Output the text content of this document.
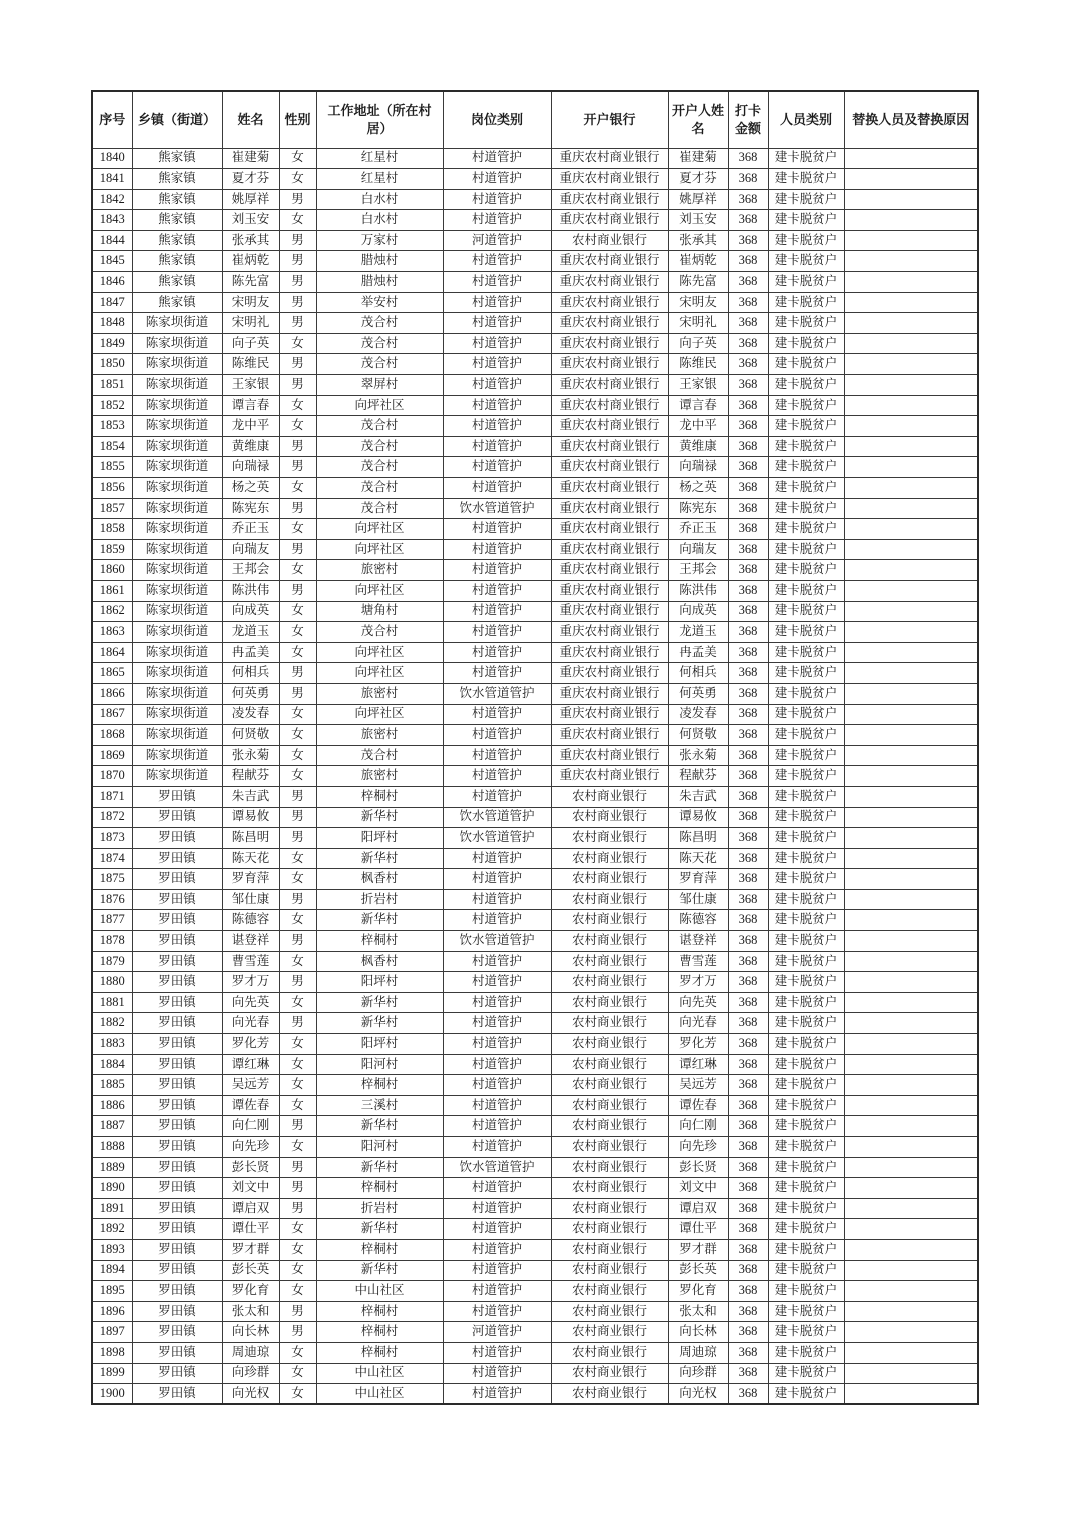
序号	乡镇（街道）	姓名	性别	工作地址（所在村居）	岗位类别	开户银行	开户人姓名	打卡金额	人员类别	替换人员及替换原因
1840	熊家镇	崔建菊	女	红星村	村道管护	重庆农村商业银行	崔建菊	368	建卡脱贫户	
1841	熊家镇	夏才芬	女	红星村	村道管护	重庆农村商业银行	夏才芬	368	建卡脱贫户	
1842	熊家镇	姚厚祥	男	白水村	村道管护	重庆农村商业银行	姚厚祥	368	建卡脱贫户	
1843	熊家镇	刘玉安	女	白水村	村道管护	重庆农村商业银行	刘玉安	368	建卡脱贫户	
1844	熊家镇	张承其	男	万家村	河道管护	农村商业银行	张承其	368	建卡脱贫户	
1845	熊家镇	崔炳乾	男	腊烛村	村道管护	重庆农村商业银行	崔炳乾	368	建卡脱贫户	
1846	熊家镇	陈先富	男	腊烛村	村道管护	重庆农村商业银行	陈先富	368	建卡脱贫户	
1847	熊家镇	宋明友	男	举安村	村道管护	重庆农村商业银行	宋明友	368	建卡脱贫户	
1848	陈家坝街道	宋明礼	男	茂合村	村道管护	重庆农村商业银行	宋明礼	368	建卡脱贫户	
1849	陈家坝街道	向子英	女	茂合村	村道管护	重庆农村商业银行	向子英	368	建卡脱贫户	
1850	陈家坝街道	陈维民	男	茂合村	村道管护	重庆农村商业银行	陈维民	368	建卡脱贫户	
1851	陈家坝街道	王家银	男	翠屏村	村道管护	重庆农村商业银行	王家银	368	建卡脱贫户	
1852	陈家坝街道	谭言春	女	向坪社区	村道管护	重庆农村商业银行	谭言春	368	建卡脱贫户	
1853	陈家坝街道	龙中平	女	茂合村	村道管护	重庆农村商业银行	龙中平	368	建卡脱贫户	
1854	陈家坝街道	黄维康	男	茂合村	村道管护	重庆农村商业银行	黄维康	368	建卡脱贫户	
1855	陈家坝街道	向瑞禄	男	茂合村	村道管护	重庆农村商业银行	向瑞禄	368	建卡脱贫户	
1856	陈家坝街道	杨之英	女	茂合村	村道管护	重庆农村商业银行	杨之英	368	建卡脱贫户	
1857	陈家坝街道	陈宪东	男	茂合村	饮水管道管护	重庆农村商业银行	陈宪东	368	建卡脱贫户	
1858	陈家坝街道	乔正玉	女	向坪社区	村道管护	重庆农村商业银行	乔正玉	368	建卡脱贫户	
1859	陈家坝街道	向瑞友	男	向坪社区	村道管护	重庆农村商业银行	向瑞友	368	建卡脱贫户	
1860	陈家坝街道	王邦会	女	旅密村	村道管护	重庆农村商业银行	王邦会	368	建卡脱贫户	
1861	陈家坝街道	陈洪伟	男	向坪社区	村道管护	重庆农村商业银行	陈洪伟	368	建卡脱贫户	
1862	陈家坝街道	向成英	女	塘角村	村道管护	重庆农村商业银行	向成英	368	建卡脱贫户	
1863	陈家坝街道	龙道玉	女	茂合村	村道管护	重庆农村商业银行	龙道玉	368	建卡脱贫户	
1864	陈家坝街道	冉孟美	女	向坪社区	村道管护	重庆农村商业银行	冉孟美	368	建卡脱贫户	
1865	陈家坝街道	何相兵	男	向坪社区	村道管护	重庆农村商业银行	何相兵	368	建卡脱贫户	
1866	陈家坝街道	何英勇	男	旅密村	饮水管道管护	重庆农村商业银行	何英勇	368	建卡脱贫户	
1867	陈家坝街道	凌发春	女	向坪社区	村道管护	重庆农村商业银行	凌发春	368	建卡脱贫户	
1868	陈家坝街道	何贤敬	女	旅密村	村道管护	重庆农村商业银行	何贤敬	368	建卡脱贫户	
1869	陈家坝街道	张永菊	女	茂合村	村道管护	重庆农村商业银行	张永菊	368	建卡脱贫户	
1870	陈家坝街道	程献芬	女	旅密村	村道管护	重庆农村商业银行	程献芬	368	建卡脱贫户	
1871	罗田镇	朱吉武	男	梓桐村	村道管护	农村商业银行	朱吉武	368	建卡脱贫户	
1872	罗田镇	谭易攸	男	新华村	饮水管道管护	农村商业银行	谭易攸	368	建卡脱贫户	
1873	罗田镇	陈昌明	男	阳坪村	饮水管道管护	农村商业银行	陈昌明	368	建卡脱贫户	
1874	罗田镇	陈天花	女	新华村	村道管护	农村商业银行	陈天花	368	建卡脱贫户	
1875	罗田镇	罗育萍	女	枫香村	村道管护	农村商业银行	罗育萍	368	建卡脱贫户	
1876	罗田镇	邹仕康	男	折岩村	村道管护	农村商业银行	邹仕康	368	建卡脱贫户	
1877	罗田镇	陈德容	女	新华村	村道管护	农村商业银行	陈德容	368	建卡脱贫户	
1878	罗田镇	谌登祥	男	梓桐村	饮水管道管护	农村商业银行	谌登祥	368	建卡脱贫户	
1879	罗田镇	曹雪莲	女	枫香村	村道管护	农村商业银行	曹雪莲	368	建卡脱贫户	
1880	罗田镇	罗才万	男	阳坪村	村道管护	农村商业银行	罗才万	368	建卡脱贫户	
1881	罗田镇	向先英	女	新华村	村道管护	农村商业银行	向先英	368	建卡脱贫户	
1882	罗田镇	向光春	男	新华村	村道管护	农村商业银行	向光春	368	建卡脱贫户	
1883	罗田镇	罗化芳	女	阳坪村	村道管护	农村商业银行	罗化芳	368	建卡脱贫户	
1884	罗田镇	谭红琳	女	阳河村	村道管护	农村商业银行	谭红琳	368	建卡脱贫户	
1885	罗田镇	吴远芳	女	梓桐村	村道管护	农村商业银行	吴远芳	368	建卡脱贫户	
1886	罗田镇	谭佐春	女	三溪村	村道管护	农村商业银行	谭佐春	368	建卡脱贫户	
1887	罗田镇	向仁刚	男	新华村	村道管护	农村商业银行	向仁刚	368	建卡脱贫户	
1888	罗田镇	向先珍	女	阳河村	村道管护	农村商业银行	向先珍	368	建卡脱贫户	
1889	罗田镇	彭长贤	男	新华村	饮水管道管护	农村商业银行	彭长贤	368	建卡脱贫户	
1890	罗田镇	刘文中	男	梓桐村	村道管护	农村商业银行	刘文中	368	建卡脱贫户	
1891	罗田镇	谭启双	男	折岩村	村道管护	农村商业银行	谭启双	368	建卡脱贫户	
1892	罗田镇	谭仕平	女	新华村	村道管护	农村商业银行	谭仕平	368	建卡脱贫户	
1893	罗田镇	罗才群	女	梓桐村	村道管护	农村商业银行	罗才群	368	建卡脱贫户	
1894	罗田镇	彭长英	女	新华村	村道管护	农村商业银行	彭长英	368	建卡脱贫户	
1895	罗田镇	罗化育	女	中山社区	村道管护	农村商业银行	罗化育	368	建卡脱贫户	
1896	罗田镇	张太和	男	梓桐村	村道管护	农村商业银行	张太和	368	建卡脱贫户	
1897	罗田镇	向长林	男	梓桐村	河道管护	农村商业银行	向长林	368	建卡脱贫户	
1898	罗田镇	周迪琼	女	梓桐村	村道管护	农村商业银行	周迪琼	368	建卡脱贫户	
1899	罗田镇	向珍群	女	中山社区	村道管护	农村商业银行	向珍群	368	建卡脱贫户	
1900	罗田镇	向光权	女	中山社区	村道管护	农村商业银行	向光权	368	建卡脱贫户	
